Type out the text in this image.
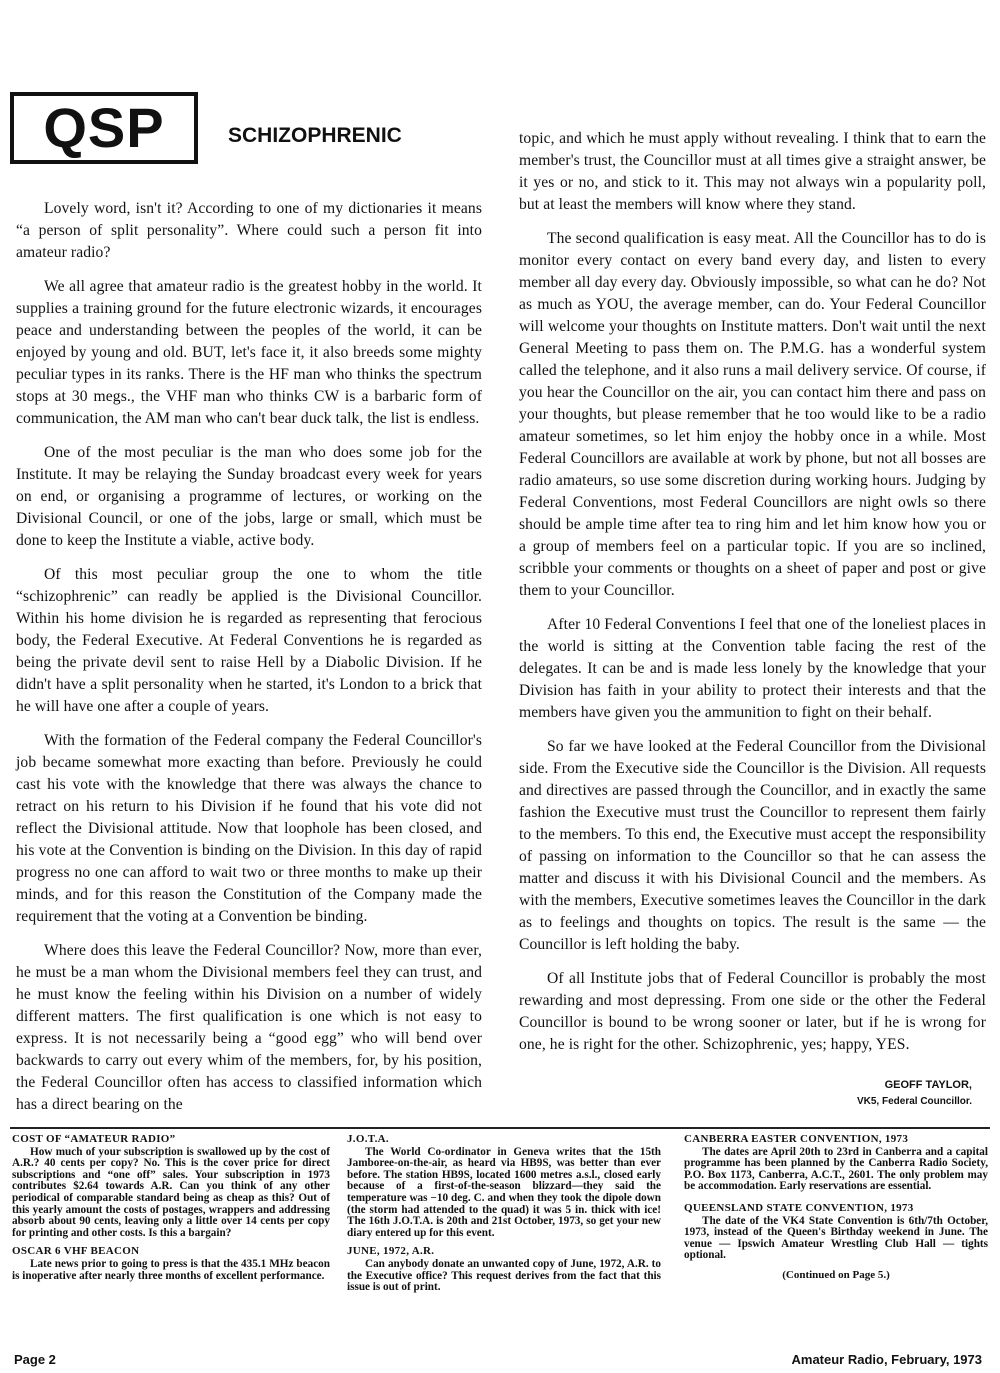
QSP	SCHIZOPHRENIC

Lovely word, isn't it? According to one of my dictionaries it means “a person of split personality”. Where could such a person fit into amateur radio?

We all agree that amateur radio is the greatest hobby in the world. It supplies a training ground for the future electronic wizards, it encourages peace and understanding between the peoples of the world, it can be enjoyed by young and old. BUT, let's face it, it also breeds some mighty peculiar types in its ranks. There is the HF man who thinks the spectrum stops at 30 megs., the VHF man who thinks CW is a barbaric form of communication, the AM man who can't bear duck talk, the list is endless.

One of the most peculiar is the man who does some job for the Institute. It may be relaying the Sunday broadcast every week for years on end, or organising a programme of lectures, or working on the Divisional Council, or one of the jobs, large or small, which must be done to keep the Institute a viable, active body.

Of this most peculiar group the one to whom the title “schizophrenic” can readly be applied is the Divisional Councillor. Within his home division he is regarded as representing that ferocious body, the Federal Executive. At Federal Conventions he is regarded as being the private devil sent to raise Hell by a Diabolic Division. If he didn't have a split personality when he started, it's London to a brick that he will have one after a couple of years.

With the formation of the Federal company the Federal Councillor's job became somewhat more exacting than before. Previously he could cast his vote with the knowledge that there was always the chance to retract on his return to his Division if he found that his vote did not reflect the Divisional attitude. Now that loophole has been closed, and his vote at the Convention is binding on the Division. In this day of rapid progress no one can afford to wait two or three months to make up their minds, and for this reason the Constitution of the Company made the requirement that the voting at a Convention be binding.

Where does this leave the Federal Councillor? Now, more than ever, he must be a man whom the Divisional members feel they can trust, and he must know the feeling within his Division on a number of widely different matters. The first qualification is one which is not easy to express. It is not necessarily being a “good egg” who will bend over backwards to carry out every whim of the members, for, by his position, the Federal Councillor often has access to classified information which has a direct bearing on the

topic, and which he must apply without revealing. I think that to earn the member's trust, the Councillor must at all times give a straight answer, be it yes or no, and stick to it. This may not always win a popularity poll, but at least the members will know where they stand.

The second qualification is easy meat. All the Councillor has to do is monitor every contact on every band every day, and listen to every member all day every day. Obviously impossible, so what can he do? Not as much as YOU, the average member, can do. Your Federal Councillor will welcome your thoughts on Institute matters. Don't wait until the next General Meeting to pass them on. The P.M.G. has a wonderful system called the telephone, and it also runs a mail delivery service. Of course, if you hear the Councillor on the air, you can contact him there and pass on your thoughts, but please remember that he too would like to be a radio amateur sometimes, so let him enjoy the hobby once in a while. Most Federal Councillors are available at work by phone, but not all bosses are radio amateurs, so use some discretion during working hours. Judging by Federal Conventions, most Federal Councillors are night owls so there should be ample time after tea to ring him and let him know how you or a group of members feel on a particular topic. If you are so inclined, scribble your comments or thoughts on a sheet of paper and post or give them to your Councillor.

After 10 Federal Conventions I feel that one of the loneliest places in the world is sitting at the Convention table facing the rest of the delegates. It can be and is made less lonely by the knowledge that your Division has faith in your ability to protect their interests and that the members have given you the ammunition to fight on their behalf.

So far we have looked at the Federal Councillor from the Divisional side. From the Executive side the Councillor is the Division. All requests and directives are passed through the Councillor, and in exactly the same fashion the Executive must trust the Councillor to represent them fairly to the members. To this end, the Executive must accept the responsibility of passing on information to the Councillor so that he can assess the matter and discuss it with his Divisional Council and the members. As with the members, Executive sometimes leaves the Councillor in the dark as to feelings and thoughts on topics. The result is the same — the Councillor is left holding the baby.

Of all Institute jobs that of Federal Councillor is probably the most rewarding and most depressing. From one side or the other the Federal Councillor is bound to be wrong sooner or later, but if he is wrong for one, he is right for the other. Schizophrenic, yes; happy, YES.

GEOFF TAYLOR,
VK5, Federal Councillor.
COST OF “AMATEUR RADIO”
How much of your subscription is swallowed up by the cost of A.R.? 40 cents per copy? No. This is the cover price for direct subscriptions and “one off” sales. Your subscription in 1973 contributes $2.64 towards A.R. Can you think of any other periodical of comparable standard being as cheap as this? Out of this yearly amount the costs of postages, wrappers and addressing absorb about 90 cents, leaving only a little over 14 cents per copy for printing and other costs. Is this a bargain?
OSCAR 6 VHF BEACON
Late news prior to going to press is that the 435.1 MHz beacon is inoperative after nearly three months of excellent performance.
J.O.T.A.
The World Co-ordinator in Geneva writes that the 15th Jamboree-on-the-air, as heard via HB9S, was better than ever before. The station HB9S, located 1600 metres a.s.l., closed early because of a first-of-the-season blizzard—they said the temperature was −10 deg. C. and when they took the dipole down (the storm had attended to the quad) it was 5 in. thick with ice! The 16th J.O.T.A. is 20th and 21st October, 1973, so get your new diary entered up for this event.
JUNE, 1972, A.R.
Can anybody donate an unwanted copy of June, 1972, A.R. to the Executive office? This request derives from the fact that this issue is out of print.
CANBERRA EASTER CONVENTION, 1973
The dates are April 20th to 23rd in Canberra and a capital programme has been planned by the Canberra Radio Society, P.O. Box 1173, Canberra, A.C.T., 2601. The only problem may be accommodation. Early reservations are essential.
QUEENSLAND STATE CONVENTION, 1973
The date of the VK4 State Convention is 6th/7th October, 1973, instead of the Queen's Birthday weekend in June. The venue — Ipswich Amateur Wrestling Club Hall — tights optional.
(Continued on Page 5.)
Page 2	Amateur Radio, February, 1973
